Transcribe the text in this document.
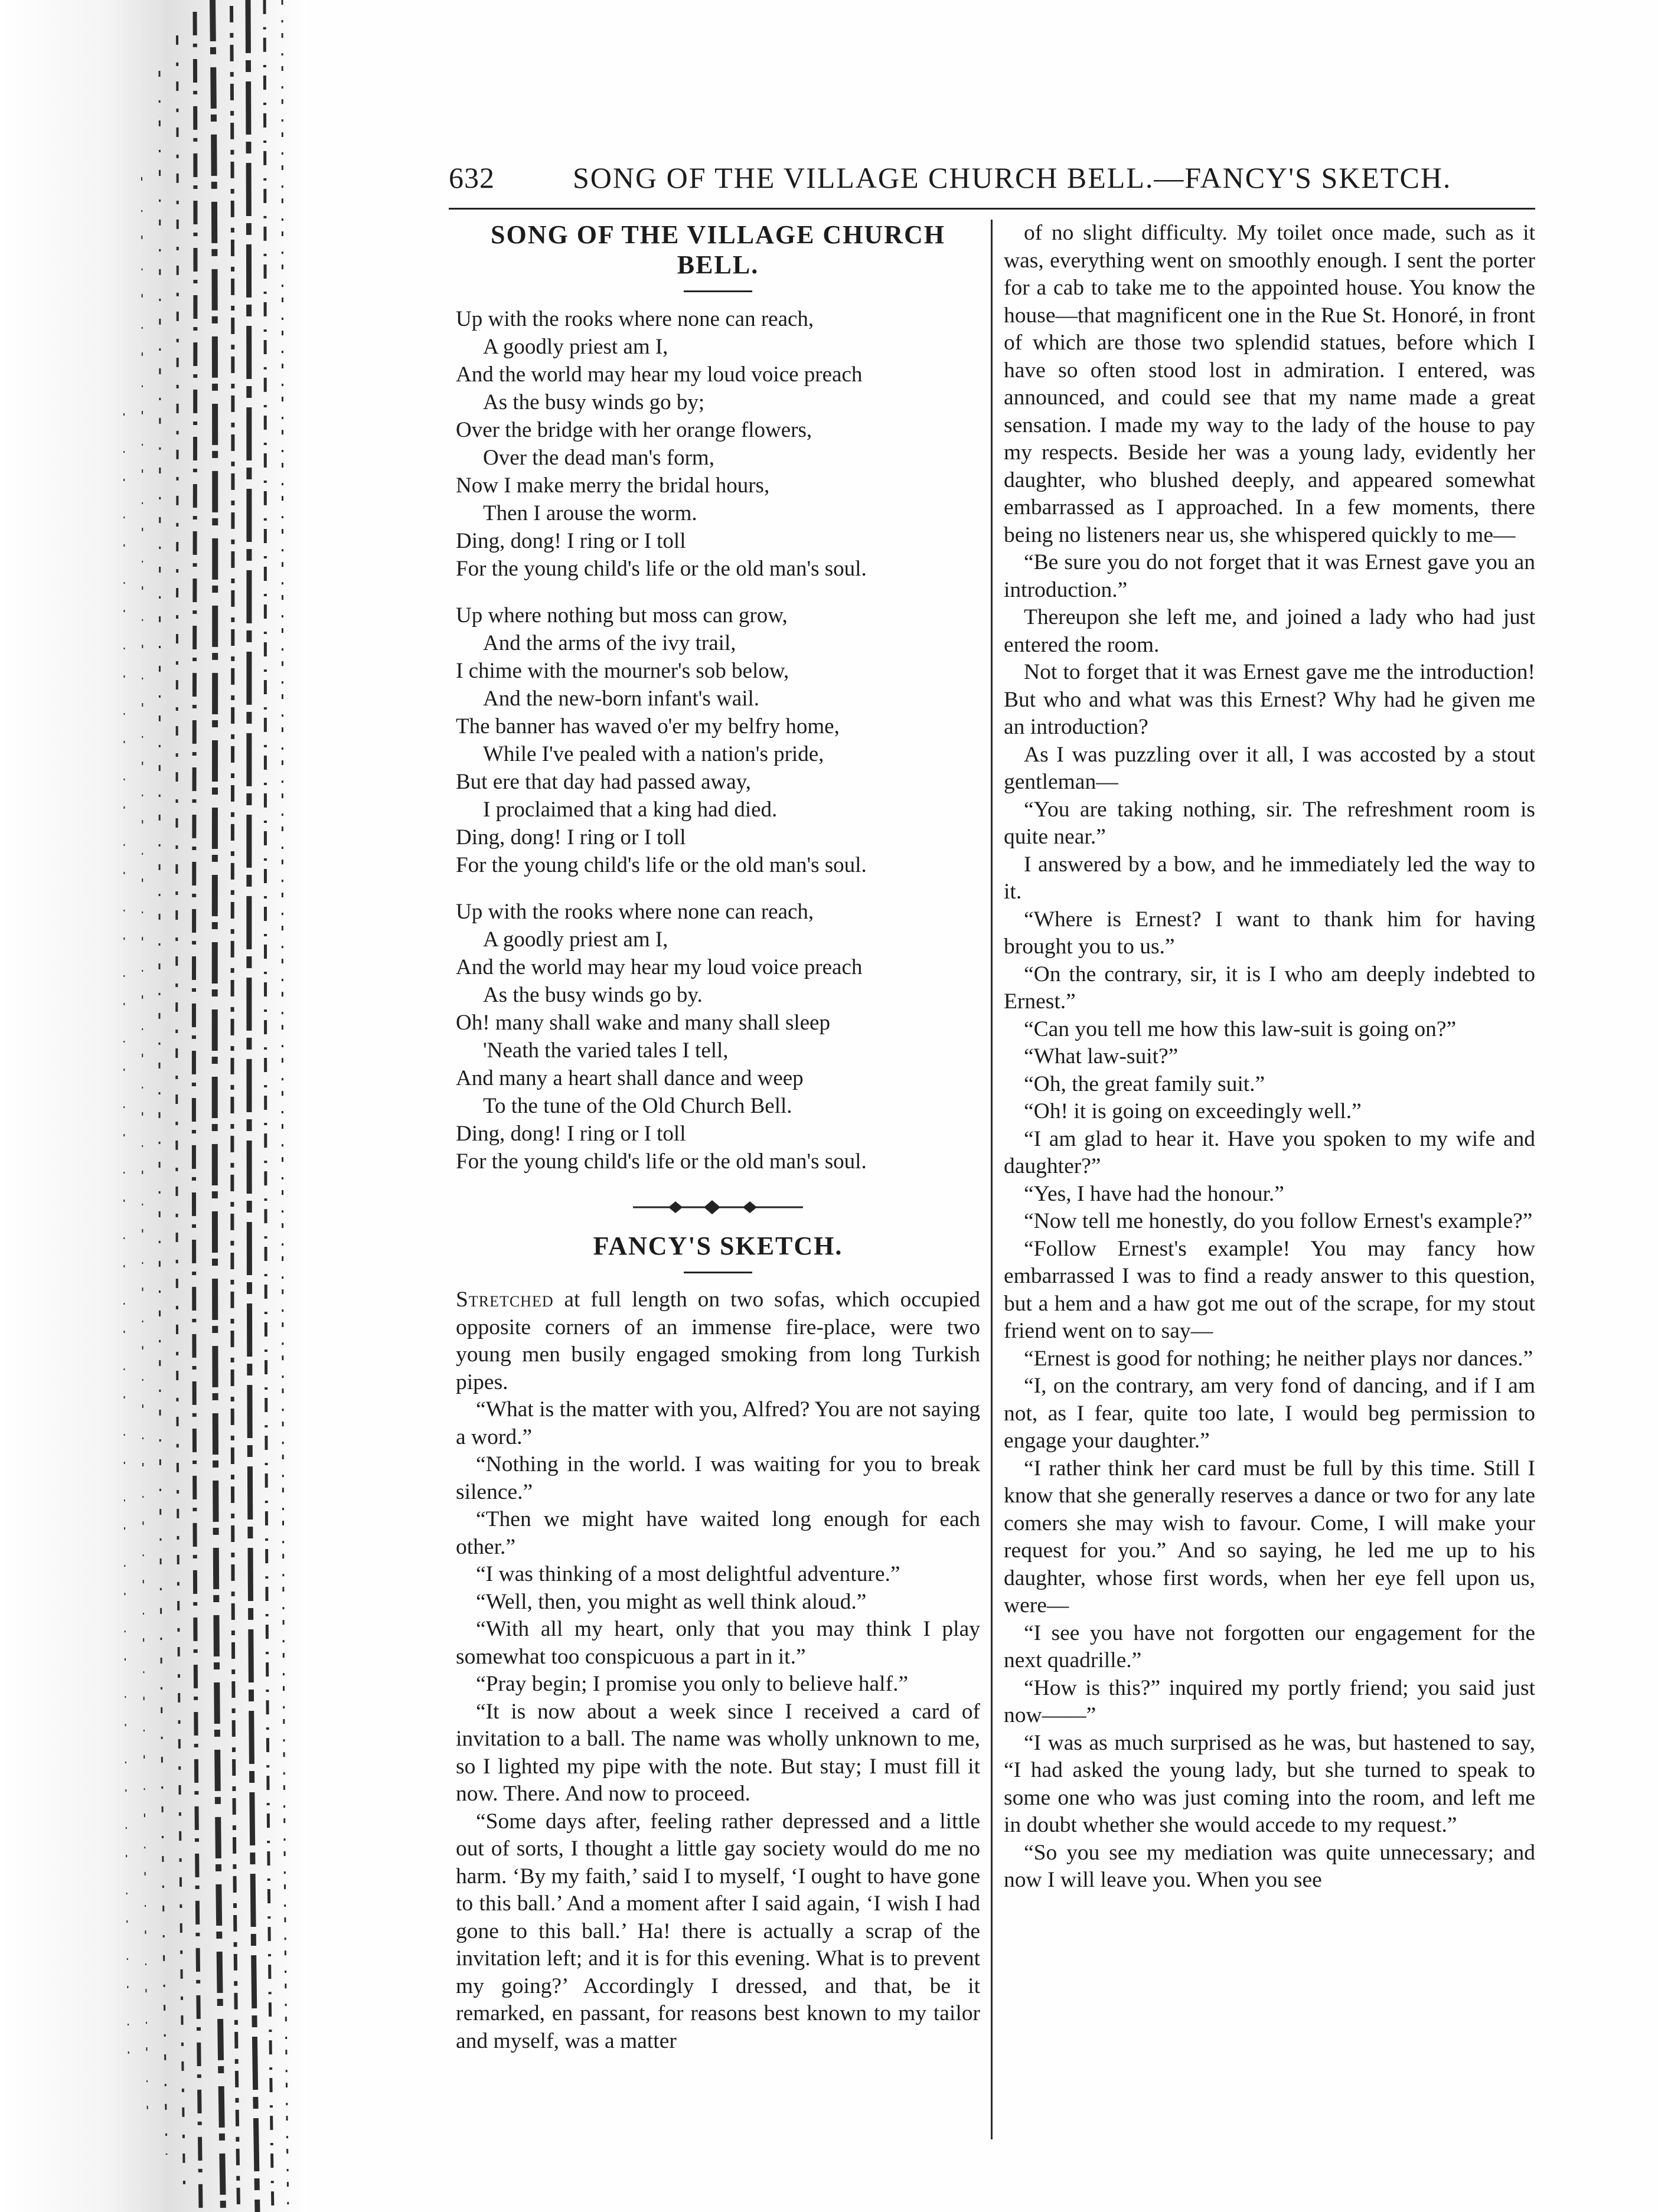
632	SONG OF THE VILLAGE CHURCH BELL.—FANCY'S SKETCH.
SONG OF THE VILLAGE CHURCH BELL.
Up with the rooks where none can reach,
A goodly priest am I,
And the world may hear my loud voice preach
As the busy winds go by;
Over the bridge with her orange flowers,
Over the dead man's form,
Now I make merry the bridal hours,
Then I arouse the worm.
Ding, dong! I ring or I toll
For the young child's life or the old man's soul.
Up where nothing but moss can grow,
And the arms of the ivy trail,
I chime with the mourner's sob below,
And the new-born infant's wail.
The banner has waved o'er my belfry home,
While I've pealed with a nation's pride,
But ere that day had passed away,
I proclaimed that a king had died.
Ding, dong! I ring or I toll
For the young child's life or the old man's soul.
Up with the rooks where none can reach,
A goodly priest am I,
And the world may hear my loud voice preach
As the busy winds go by.
Oh! many shall wake and many shall sleep
'Neath the varied tales I tell,
And many a heart shall dance and weep
To the tune of the Old Church Bell.
Ding, dong! I ring or I toll
For the young child's life or the old man's soul.
FANCY'S SKETCH.

Stretched at full length on two sofas, which occupied opposite corners of an immense fire-place, were two young men busily engaged smoking from long Turkish pipes.

“What is the matter with you, Alfred? You are not saying a word.”

“Nothing in the world. I was waiting for you to break silence.”

“Then we might have waited long enough for each other.”

“I was thinking of a most delightful adventure.”

“Well, then, you might as well think aloud.”

“With all my heart, only that you may think I play somewhat too conspicuous a part in it.”

“Pray begin; I promise you only to believe half.”

“It is now about a week since I received a card of invitation to a ball. The name was wholly unknown to me, so I lighted my pipe with the note. But stay; I must fill it now. There. And now to proceed.

“Some days after, feeling rather depressed and a little out of sorts, I thought a little gay society would do me no harm. ‘By my faith,’ said I to myself, ‘I ought to have gone to this ball.’ And a moment after I said again, ‘I wish I had gone to this ball.’ Ha! there is actually a scrap of the invitation left; and it is for this evening. What is to prevent my going?’ Accordingly I dressed, and that, be it remarked, en passant, for reasons best known to my tailor and myself, was a matter

of no slight difficulty. My toilet once made, such as it was, everything went on smoothly enough. I sent the porter for a cab to take me to the appointed house. You know the house—that magnificent one in the Rue St. Honoré, in front of which are those two splendid statues, before which I have so often stood lost in admiration. I entered, was announced, and could see that my name made a great sensation. I made my way to the lady of the house to pay my respects. Beside her was a young lady, evidently her daughter, who blushed deeply, and appeared somewhat embarrassed as I approached. In a few moments, there being no listeners near us, she whispered quickly to me—

“Be sure you do not forget that it was Ernest gave you an introduction.”

Thereupon she left me, and joined a lady who had just entered the room.

Not to forget that it was Ernest gave me the introduction! But who and what was this Ernest? Why had he given me an introduction?

As I was puzzling over it all, I was accosted by a stout gentleman—

“You are taking nothing, sir. The refreshment room is quite near.”

I answered by a bow, and he immediately led the way to it.

“Where is Ernest? I want to thank him for having brought you to us.”

“On the contrary, sir, it is I who am deeply indebted to Ernest.”

“Can you tell me how this law-suit is going on?”

“What law-suit?”

“Oh, the great family suit.”

“Oh! it is going on exceedingly well.”

“I am glad to hear it. Have you spoken to my wife and daughter?”

“Yes, I have had the honour.”

“Now tell me honestly, do you follow Ernest's example?”

“Follow Ernest's example! You may fancy how embarrassed I was to find a ready answer to this question, but a hem and a haw got me out of the scrape, for my stout friend went on to say—

“Ernest is good for nothing; he neither plays nor dances.”

“I, on the contrary, am very fond of dancing, and if I am not, as I fear, quite too late, I would beg permission to engage your daughter.”

“I rather think her card must be full by this time. Still I know that she generally reserves a dance or two for any late comers she may wish to favour. Come, I will make your request for you.” And so saying, he led me up to his daughter, whose first words, when her eye fell upon us, were—

“I see you have not forgotten our engagement for the next quadrille.”

“How is this?” inquired my portly friend; you said just now——”

“I was as much surprised as he was, but hastened to say, “I had asked the young lady, but she turned to speak to some one who was just coming into the room, and left me in doubt whether she would accede to my request.”

“So you see my mediation was quite unnecessary; and now I will leave you. When you see
